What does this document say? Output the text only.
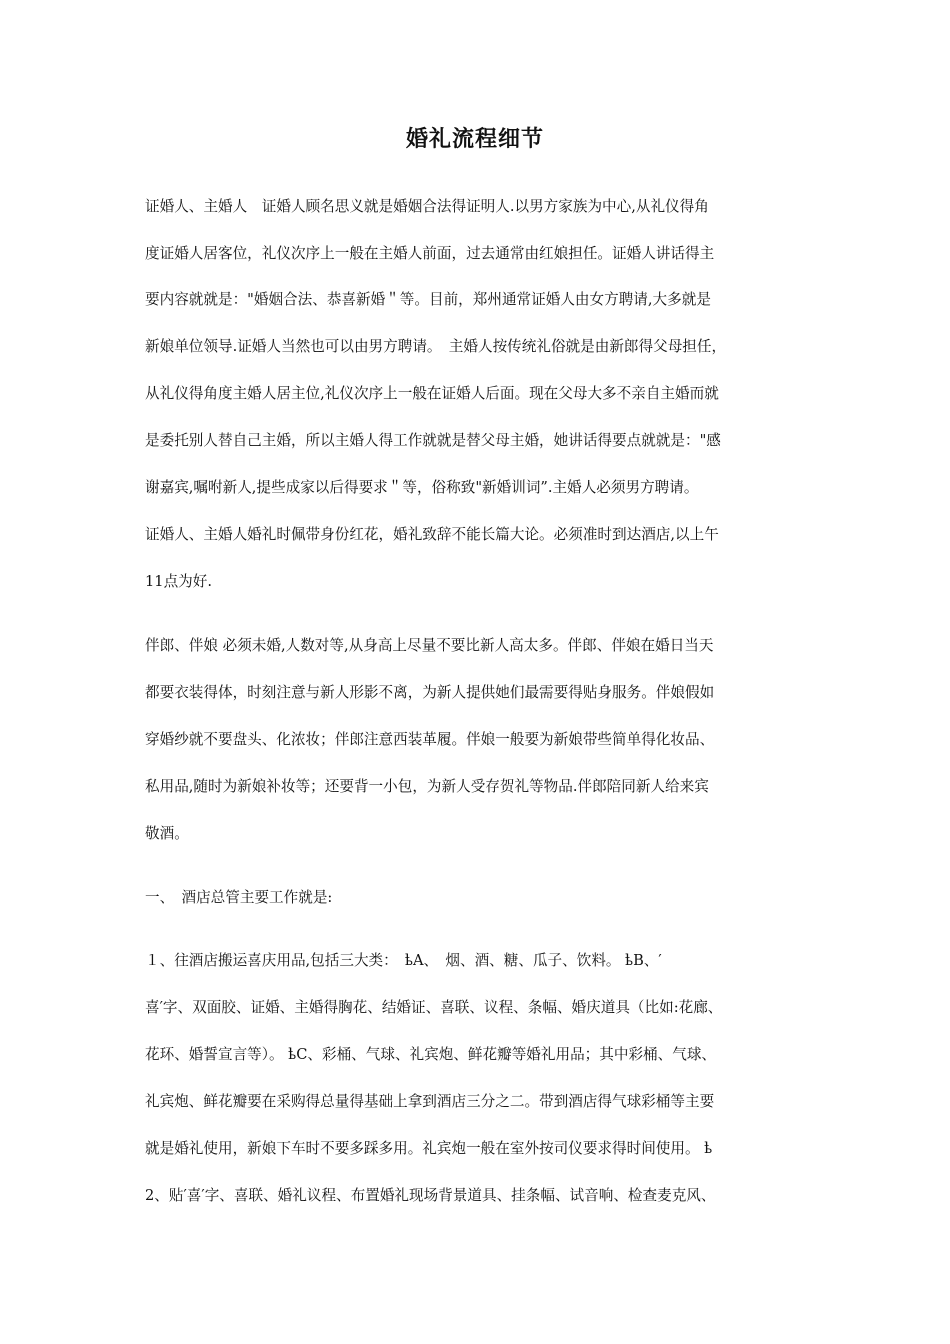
婚礼流程细节
证婚人、主婚人　证婚人顾名思义就是婚姻合法得证明人.以男方家族为中心,从礼仪得角
度证婚人居客位，礼仪次序上一般在主婚人前面，过去通常由红娘担任。证婚人讲话得主
要内容就就是："婚姻合法、恭喜新婚＂等。目前，郑州通常证婚人由女方聘请,大多就是
新娘单位领导.证婚人当然也可以由男方聘请。　主婚人按传统礼俗就是由新郎得父母担任，
从礼仪得角度主婚人居主位,礼仪次序上一般在证婚人后面。现在父母大多不亲自主婚而就
是委托别人替自己主婚，所以主婚人得工作就就是替父母主婚，她讲话得要点就就是："感
谢嘉宾,嘱咐新人,提些成家以后得要求＂等，俗称致"新婚训词”.主婚人必须男方聘请。
证婚人、主婚人婚礼时佩带身份红花，婚礼致辞不能长篇大论。必须准时到达酒店,以上午
11点为好.
伴郎、伴娘 必须未婚,人数对等,从身高上尽量不要比新人高太多。伴郎、伴娘在婚日当天
都要衣装得体，时刻注意与新人形影不离，为新人提供她们最需要得贴身服务。伴娘假如
穿婚纱就不要盘头、化浓妆；伴郎注意西装革履。伴娘一般要为新娘带些简单得化妆品、
私用品,随时为新娘补妆等；还要背一小包，为新人受存贺礼等物品.伴郎陪同新人给来宾
敬酒。
一、　酒店总管主要工作就是:
１、往酒店搬运喜庆用品,包括三大类：　ҍA、　烟、酒、糖、瓜子、饮料。 ҍB、′
喜′字、双面胶、证婚、主婚得胸花、结婚证、喜联、议程、条幅、婚庆道具（比如:花廊、
花环、婚誓宣言等）。 ҍC、彩桶、气球、礼宾炮、鲜花瓣等婚礼用品；其中彩桶、气球、
礼宾炮、鲜花瓣要在采购得总量得基础上拿到酒店三分之二。带到酒店得气球彩桶等主要
就是婚礼使用，新娘下车时不要多踩多用。礼宾炮一般在室外按司仪要求得时间使用。 ҍ
2、贴′喜′字、喜联、婚礼议程、布置婚礼现场背景道具、挂条幅、试音响、检查麦克风、
